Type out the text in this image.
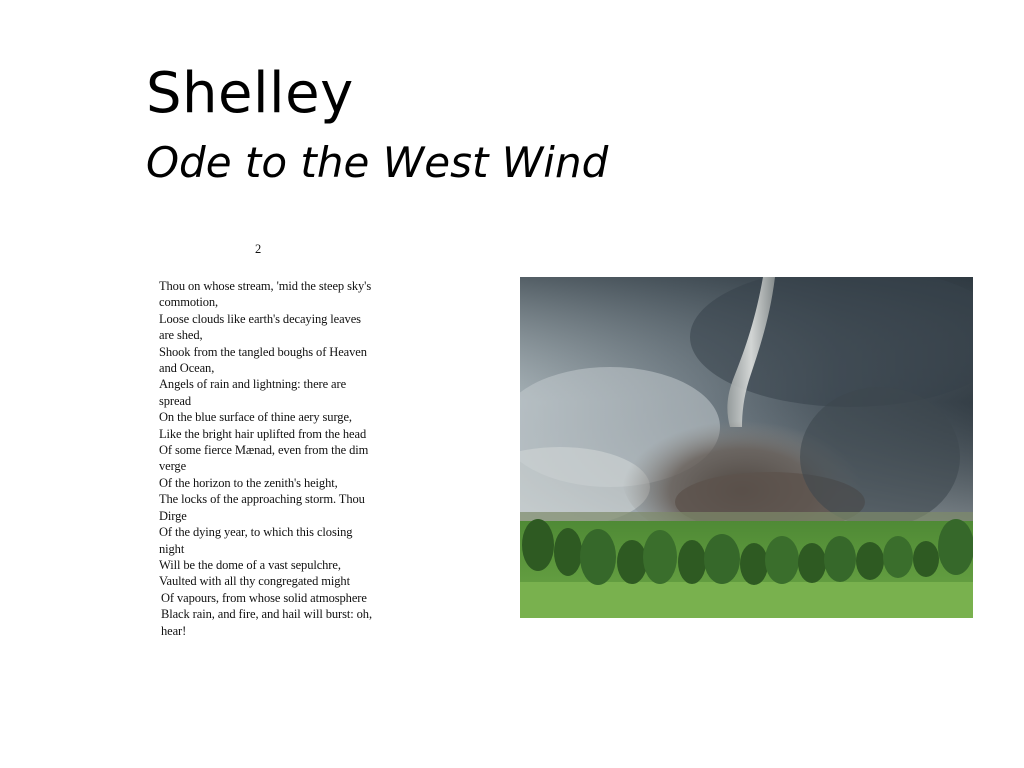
Shelley
Ode to the West Wind
2
Thou on whose stream, 'mid the steep sky's
commotion,
Loose clouds like earth's decaying leaves
are shed,
Shook from the tangled boughs of Heaven
and Ocean,
Angels of rain and lightning: there are
spread
On the blue surface of thine aery surge,
Like the bright hair uplifted from the head
Of some fierce Mænad, even from the dim
verge
Of the horizon to the zenith's height,
The locks of the approaching storm. Thou
Dirge
Of the dying year, to which this closing
night
Will be the dome of a vast sepulchre,
Vaulted with all thy congregated might
Of vapours, from whose solid atmosphere
Black rain, and fire, and hail will burst: oh,
hear!
